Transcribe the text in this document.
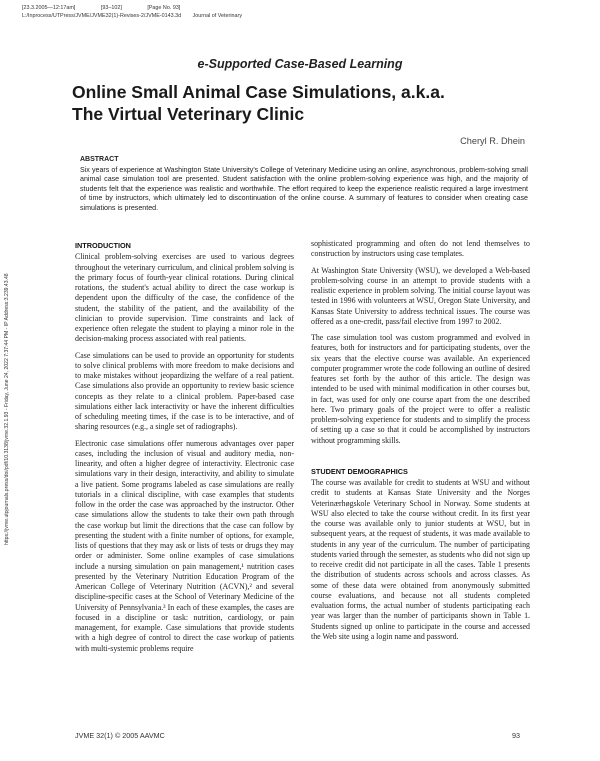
[23.3.2005—12:17am]	[93–102]	[Page No. 93]
L:/Inprocess/UTPress/JVME/JVME32(1)-Revises-2/JVME-0143.3d Journal of Veterinary
https://jvme.utpjournals.press/doi/pdf/10.3138/jvme.32.1.93 - Friday, June 24, 2022 7:37:44 PM - IP Address:3.239.43.48
e-Supported Case-Based Learning
Online Small Animal Case Simulations, a.k.a.
The Virtual Veterinary Clinic
Cheryl R. Dhein
ABSTRACT
Six years of experience at Washington State University's College of Veterinary Medicine using an online, asynchronous, problem-solving small animal case simulation tool are presented. Student satisfaction with the online problem-solving experience was high, and the majority of students felt that the experience was realistic and worthwhile. The effort required to keep the experience realistic required a large investment of time by instructors, which ultimately led to discontinuation of the online course. A summary of features to consider when creating case simulations is presented.
INTRODUCTION

Clinical problem-solving exercises are used to various degrees throughout the veterinary curriculum, and clinical problem solving is the primary focus of fourth-year clinical rotations. During clinical rotations, the student's actual ability to direct the case workup is dependent upon the difficulty of the case, the confidence of the student, the stability of the patient, and the availability of the clinician to provide supervision. Time constraints and lack of experience often relegate the student to playing a minor role in the decision-making process associated with real patients.

Case simulations can be used to provide an opportunity for students to solve clinical problems with more freedom to make decisions and to make mistakes without jeopardizing the welfare of a real patient. Case simulations also provide an opportunity to review basic science concepts as they relate to a clinical problem. Paper-based case simulations either lack interactivity or have the inherent difficulties of scheduling meeting times, if the case is to be interactive, and of sharing resources (e.g., a single set of radiographs).

Electronic case simulations offer numerous advantages over paper cases, including the inclusion of visual and auditory media, non-linearity, and often a higher degree of interactivity. Electronic case simulations vary in their design, interactivity, and ability to simulate a live patient. Some programs labeled as case simulations are really tutorials in a clinical discipline, with case examples that students follow in the order the case was approached by the instructor. Other case simulations allow the students to take their own path through the case workup but limit the directions that the case can follow by presenting the student with a finite number of options, for example, lists of questions that they may ask or lists of tests or drugs they may order or administer. Some online examples of case simulations include a nursing simulation on pain management,¹ nutrition cases presented by the Veterinary Nutrition Education Program of the American College of Veterinary Nutrition (ACVN),² and several discipline-specific cases at the School of Veterinary Medicine of the University of Pennsylvania.³ In each of these examples, the cases are focused in a discipline or task: nutrition, cardiology, or pain management, for example. Case simulations that provide students with a high degree of control to direct the case workup of patients with multi-systemic problems require

sophisticated programming and often do not lend themselves to construction by instructors using case templates.

At Washington State University (WSU), we developed a Web-based problem-solving course in an attempt to provide students with a realistic experience in problem solving. The initial course layout was tested in 1996 with volunteers at WSU, Oregon State University, and Kansas State University to address technical issues. The course was offered as a one-credit, pass/fail elective from 1997 to 2002.

The case simulation tool was custom programmed and evolved in features, both for instructors and for participating students, over the six years that the elective course was available. An experienced computer programmer wrote the code following an outline of desired features set forth by the author of this article. The design was intended to be used with minimal modification in other courses but, in fact, was used for only one course apart from the one described here. Two primary goals of the project were to offer a realistic problem-solving experience for students and to simplify the process of setting up a case so that it could be accomplished by instructors without programming skills.

STUDENT DEMOGRAPHICS

The course was available for credit to students at WSU and without credit to students at Kansas State University and the Norges Veterinærhøgskole Veterinary School in Norway. Some students at WSU also elected to take the course without credit. In its first year the course was available only to junior students at WSU, but in subsequent years, at the request of students, it was made available to students in any year of the curriculum. The number of participating students varied through the semester, as students who did not sign up to receive credit did not participate in all the cases. Table 1 presents the distribution of students across schools and across classes. As some of these data were obtained from anonymously submitted course evaluations, and because not all students completed evaluation forms, the actual number of students participating each year was larger than the number of participants shown in Table 1. Students signed up online to participate in the course and accessed the Web site using a login name and password.

JVME 32(1) © 2005 AAVMC	93
